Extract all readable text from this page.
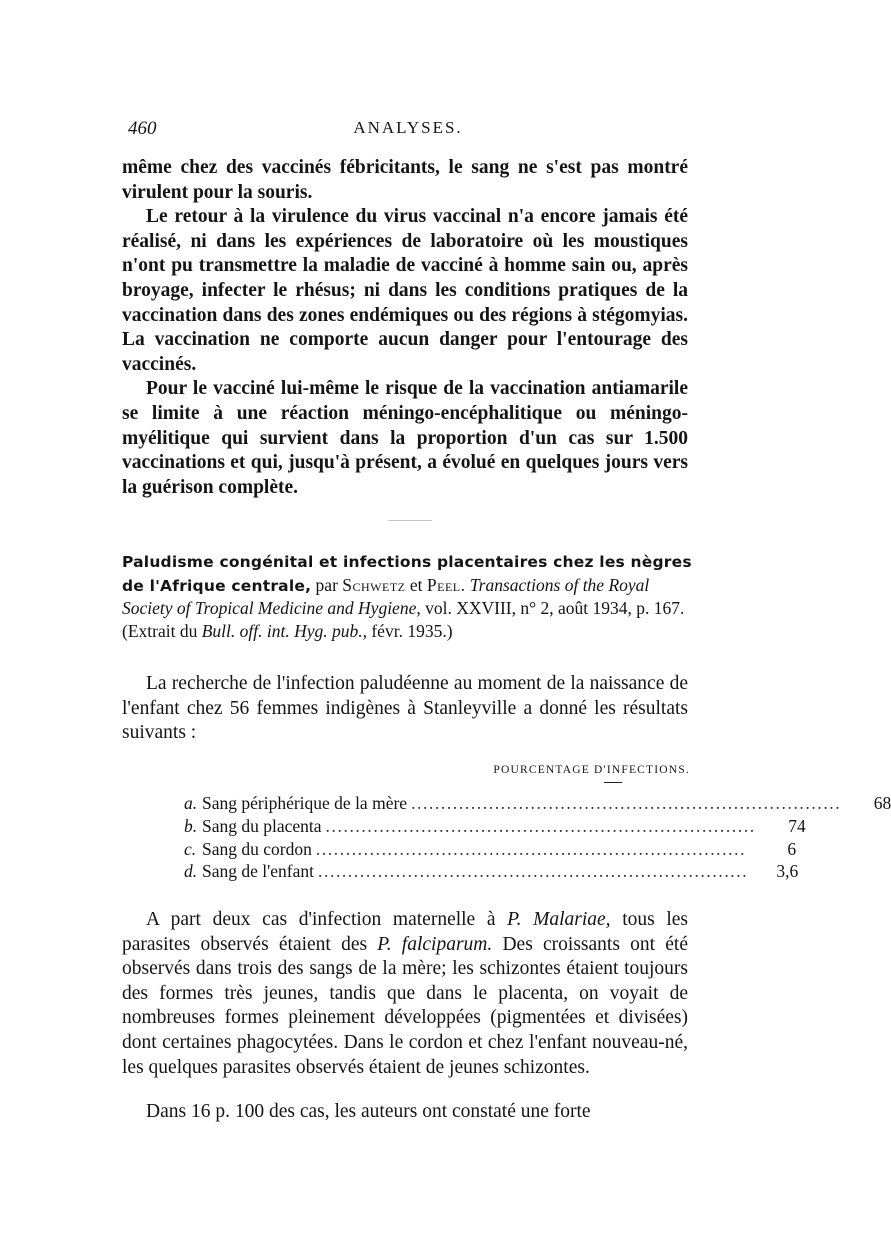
460	ANALYSES.

même chez des vaccinés fébricitants, le sang ne s'est pas montré virulent pour la souris.

Le retour à la virulence du virus vaccinal n'a encore jamais été réalisé, ni dans les expériences de laboratoire où les moustiques n'ont pu transmettre la maladie de vacciné à homme sain ou, après broyage, infecter le rhésus; ni dans les conditions pratiques de la vaccination dans des zones endémiques ou des régions à stégomyias. La vaccination ne comporte aucun danger pour l'entourage des vaccinés.

Pour le vacciné lui-même le risque de la vaccination antiamarile se limite à une réaction méningo-encéphalitique ou méningo-myélitique qui survient dans la proportion d'un cas sur 1.500 vaccinations et qui, jusqu'à présent, a évolué en quelques jours vers la guérison complète.

Paludisme congénital et infections placentaires chez les nègres de l'Afrique centrale, par Schwetz et Peel. Transactions of the Royal Society of Tropical Medicine and Hygiene, vol. XXVIII, n° 2, août 1934, p. 167. (Extrait du Bull. off. int. Hyg. pub., févr. 1935.)

La recherche de l'infection paludéenne au moment de la naissance de l'enfant chez 56 femmes indigènes à Stanleyville a donné les résultats suivants :

POURCENTAGE D'INFECTIONS.
a. Sang périphérique de la mère ........................................................................	68
b. Sang du placenta ........................................................................	74
c. Sang du cordon ........................................................................	6
d. Sang de l'enfant ........................................................................	3,6

A part deux cas d'infection maternelle à P. Malariae, tous les parasites observés étaient des P. falciparum. Des croissants ont été observés dans trois des sangs de la mère; les schizontes étaient toujours des formes très jeunes, tandis que dans le placenta, on voyait de nombreuses formes pleinement développées (pigmentées et divisées) dont certaines phagocytées. Dans le cordon et chez l'enfant nouveau-né, les quelques parasites observés étaient de jeunes schizontes.

Dans 16 p. 100 des cas, les auteurs ont constaté une forte
